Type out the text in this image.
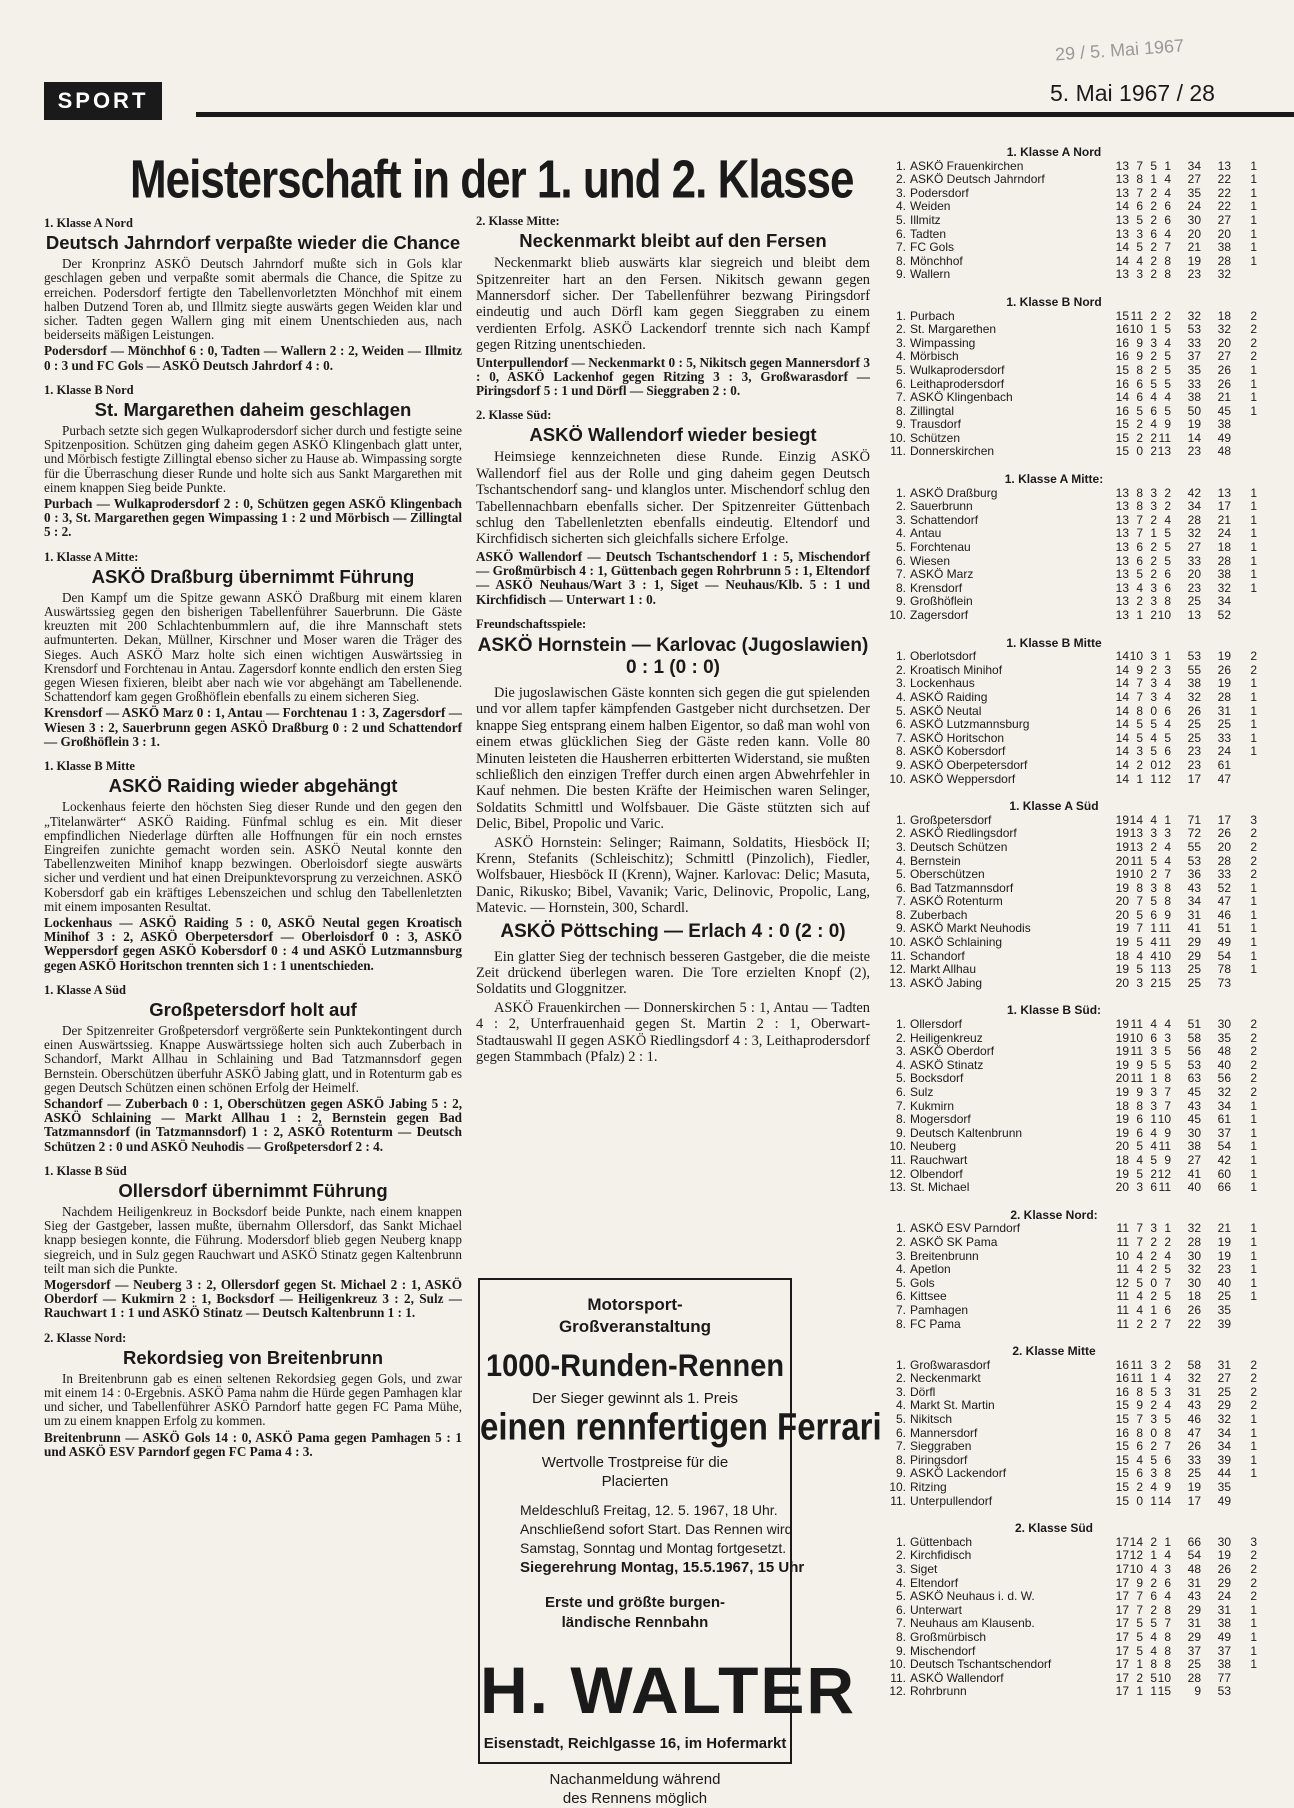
29 / 5. Mai 1967
SPORT	5. Mai 1967 / 28
Meisterschaft in der 1. und 2. Klasse
1. Klasse A Nord
Deutsch Jahrndorf verpaßte wieder die Chance

Der Kronprinz ASKÖ Deutsch Jahrndorf mußte sich in Gols klar geschlagen geben und verpaßte somit abermals die Chance, die Spitze zu erreichen. Podersdorf fertigte den Tabellenvorletzten Mönchhof mit einem halben Dutzend Toren ab, und Illmitz siegte auswärts gegen Weiden klar und sicher. Tadten gegen Wallern ging mit einem Unentschieden aus, nach beiderseits mäßigen Leistungen.

Podersdorf — Mönchhof 6 : 0, Tadten — Wallern 2 : 2, Weiden — Illmitz 0 : 3 und FC Gols — ASKÖ Deutsch Jahrdorf 4 : 0.

1. Klasse B Nord
St. Margarethen daheim geschlagen

Purbach setzte sich gegen Wulkaprodersdorf sicher durch und festigte seine Spitzenposition. Schützen ging daheim gegen ASKÖ Klingenbach glatt unter, und Mörbisch festigte Zillingtal ebenso sicher zu Hause ab. Wimpassing sorgte für die Überraschung dieser Runde und holte sich aus Sankt Margarethen mit einem knappen Sieg beide Punkte.

Purbach — Wulkaprodersdorf 2 : 0, Schützen gegen ASKÖ Klingenbach 0 : 3, St. Margarethen gegen Wimpassing 1 : 2 und Mörbisch — Zillingtal 5 : 2.

1. Klasse A Mitte:
ASKÖ Draßburg übernimmt Führung

Den Kampf um die Spitze gewann ASKÖ Draßburg mit einem klaren Auswärtssieg gegen den bisherigen Tabellenführer Sauerbrunn. Die Gäste kreuzten mit 200 Schlachtenbummlern auf, die ihre Mannschaft stets aufmunterten. Dekan, Müllner, Kirschner und Moser waren die Träger des Sieges. Auch ASKÖ Marz holte sich einen wichtigen Auswärtssieg in Krensdorf und Forchtenau in Antau. Zagersdorf konnte endlich den ersten Sieg gegen Wiesen fixieren, bleibt aber nach wie vor abgehängt am Tabellenende. Schattendorf kam gegen Großhöflein ebenfalls zu einem sicheren Sieg.

Krensdorf — ASKÖ Marz 0 : 1, Antau — Forchtenau 1 : 3, Zagersdorf — Wiesen 3 : 2, Sauerbrunn gegen ASKÖ Draßburg 0 : 2 und Schattendorf — Großhöflein 3 : 1.

1. Klasse B Mitte
ASKÖ Raiding wieder abgehängt

Lockenhaus feierte den höchsten Sieg dieser Runde und den gegen den „Titelanwärter“ ASKÖ Raiding. Fünfmal schlug es ein. Mit dieser empfindlichen Niederlage dürften alle Hoffnungen für ein noch ernstes Eingreifen zunichte gemacht worden sein. ASKÖ Neutal konnte den Tabellenzweiten Minihof knapp bezwingen. Oberloisdorf siegte auswärts sicher und verdient und hat einen Dreipunktevorsprung zu verzeichnen. ASKÖ Kobersdorf gab ein kräftiges Lebenszeichen und schlug den Tabellenletzten mit einem imposanten Resultat.

Lockenhaus — ASKÖ Raiding 5 : 0, ASKÖ Neutal gegen Kroatisch Minihof 3 : 2, ASKÖ Oberpetersdorf — Oberloisdorf 0 : 3, ASKÖ Weppersdorf gegen ASKÖ Kobersdorf 0 : 4 und ASKÖ Lutzmannsburg gegen ASKÖ Horitschon trennten sich 1 : 1 unentschieden.

1. Klasse A Süd
Großpetersdorf holt auf

Der Spitzenreiter Großpetersdorf vergrößerte sein Punktekontingent durch einen Auswärtssieg. Knappe Auswärtssiege holten sich auch Zuberbach in Schandorf, Markt Allhau in Schlaining und Bad Tatzmannsdorf gegen Bernstein. Oberschützen überfuhr ASKÖ Jabing glatt, und in Rotenturm gab es gegen Deutsch Schützen einen schönen Erfolg der Heimelf.

Schandorf — Zuberbach 0 : 1, Oberschützen gegen ASKÖ Jabing 5 : 2, ASKÖ Schlaining — Markt Allhau 1 : 2, Bernstein gegen Bad Tatzmannsdorf (in Tatzmannsdorf) 1 : 2, ASKÖ Rotenturm — Deutsch Schützen 2 : 0 und ASKÖ Neuhodis — Großpetersdorf 2 : 4.

1. Klasse B Süd
Ollersdorf übernimmt Führung

Nachdem Heiligenkreuz in Bocksdorf beide Punkte, nach einem knappen Sieg der Gastgeber, lassen mußte, übernahm Ollersdorf, das Sankt Michael knapp besiegen konnte, die Führung. Modersdorf blieb gegen Neuberg knapp siegreich, und in Sulz gegen Rauchwart und ASKÖ Stinatz gegen Kaltenbrunn teilt man sich die Punkte.

Mogersdorf — Neuberg 3 : 2, Ollersdorf gegen St. Michael 2 : 1, ASKÖ Oberdorf — Kukmirn 2 : 1, Bocksdorf — Heiligenkreuz 3 : 2, Sulz — Rauchwart 1 : 1 und ASKÖ Stinatz — Deutsch Kaltenbrunn 1 : 1.

2. Klasse Nord:
Rekordsieg von Breitenbrunn

In Breitenbrunn gab es einen seltenen Rekordsieg gegen Gols, und zwar mit einem 14 : 0-Ergebnis. ASKÖ Pama nahm die Hürde gegen Pamhagen klar und sicher, und Tabellenführer ASKÖ Parndorf hatte gegen FC Pama Mühe, um zu einem knappen Erfolg zu kommen.

Breitenbrunn — ASKÖ Gols 14 : 0, ASKÖ Pama gegen Pamhagen 5 : 1 und ASKÖ ESV Parndorf gegen FC Pama 4 : 3.

2. Klasse Mitte:
Neckenmarkt bleibt auf den Fersen

Neckenmarkt blieb auswärts klar siegreich und bleibt dem Spitzenreiter hart an den Fersen. Nikitsch gewann gegen Mannersdorf sicher. Der Tabellenführer bezwang Piringsdorf eindeutig und auch Dörfl kam gegen Sieggraben zu einem verdienten Erfolg. ASKÖ Lackendorf trennte sich nach Kampf gegen Ritzing unentschieden.

Unterpullendorf — Neckenmarkt 0 : 5, Nikitsch gegen Mannersdorf 3 : 0, ASKÖ Lackenhof gegen Ritzing 3 : 3, Großwarasdorf — Piringsdorf 5 : 1 und Dörfl — Sieggraben 2 : 0.

2. Klasse Süd:
ASKÖ Wallendorf wieder besiegt

Heimsiege kennzeichneten diese Runde. Einzig ASKÖ Wallendorf fiel aus der Rolle und ging daheim gegen Deutsch Tschantschendorf sang- und klanglos unter. Mischendorf schlug den Tabellennachbarn ebenfalls sicher. Der Spitzenreiter Güttenbach schlug den Tabellenletzten ebenfalls eindeutig. Eltendorf und Kirchfidisch sicherten sich gleichfalls sichere Erfolge.

ASKÖ Wallendorf — Deutsch Tschantschendorf 1 : 5, Mischendorf — Großmürbisch 4 : 1, Güttenbach gegen Rohrbrunn 5 : 1, Eltendorf — ASKÖ Neuhaus/Wart 3 : 1, Siget — Neuhaus/Klb. 5 : 1 und Kirchfidisch — Unterwart 1 : 0.

Freundschaftsspiele:
ASKÖ Hornstein — Karlovac (Jugoslawien) 0 : 1 (0 : 0)

Die jugoslawischen Gäste konnten sich gegen die gut spielenden und vor allem tapfer kämpfenden Gastgeber nicht durchsetzen. Der knappe Sieg entsprang einem halben Eigentor, so daß man wohl von einem etwas glücklichen Sieg der Gäste reden kann. Volle 80 Minuten leisteten die Hausherren erbitterten Widerstand, sie mußten schließlich den einzigen Treffer durch einen argen Abwehrfehler in Kauf nehmen. Die besten Kräfte der Heimischen waren Selinger, Soldatits Schmittl und Wolfsbauer. Die Gäste stützten sich auf Delic, Bibel, Propolic und Varic.

ASKÖ Hornstein: Selinger; Raimann, Soldatits, Hiesböck II; Krenn, Stefanits (Schleischitz); Schmittl (Pinzolich), Fiedler, Wolfsbauer, Hiesböck II (Krenn), Wajner. Karlovac: Delic; Masuta, Danic, Rikusko; Bibel, Vavanik; Varic, Delinovic, Propolic, Lang, Matevic. — Hornstein, 300, Schardl.

ASKÖ Pöttsching — Erlach 4 : 0 (2 : 0)

Ein glatter Sieg der technisch besseren Gastgeber, die die meiste Zeit drückend überlegen waren. Die Tore erzielten Knopf (2), Soldatits und Gloggnitzer.

ASKÖ Frauenkirchen — Donnerskirchen 5 : 1, Antau — Tadten 4 : 2, Unterfrauenhaid gegen St. Martin 2 : 1, Oberwart-Stadtauswahl II gegen ASKÖ Riedlingsdorf 4 : 3, Leithaprodersdorf gegen Stammbach (Pfalz) 2 : 1.

Motorsport-
Großveranstaltung
1000-Runden-Rennen
Der Sieger gewinnt als 1. Preis
einen rennfertigen Ferrari
Wertvolle Trostpreise für die
Placierten
Meldeschluß Freitag, 12. 5. 1967, 18 Uhr.
Anschließend sofort Start. Das Rennen wird
Samstag, Sonntag und Montag fortgesetzt.
Siegerehrung Montag, 15.5.1967, 15 Uhr
Erste und größte burgen-
ländische Rennbahn
H. WALTER
Eisenstadt, Reichlgasse 16, im Hofermarkt
Nachanmeldung während
des Rennens möglich
1. Klasse A Nord
1. ASKÖ Frauenkirchen	13 7 5 1	34	13	1
2. ASKÖ Deutsch Jahrndorf	13 8 1 4	27	22	1
3. Podersdorf	13 7 2 4	35	22	1
4. Weiden	14 6 2 6	24	22	1
5. Illmitz	13 5 2 6	30	27	1
6. Tadten	13 3 6 4	20	20	1
7. FC Gols	14 5 2 7	21	38	1
8. Mönchhof	14 4 2 8	19	28	1
9. Wallern	13 3 2 8	23	32
1. Klasse B Nord
1. Purbach	15 11 2 2	32	18	2
2. St. Margarethen	16 10 1 5	53	32	2
3. Wimpassing	16 9 3 4	33	20	2
4. Mörbisch	16 9 2 5	37	27	2
5. Wulkaprodersdorf	15 8 2 5	35	26	1
6. Leithaprodersdorf	16 6 5 5	33	26	1
7. ASKÖ Klingenbach	14 6 4 4	38	21	1
8. Zillingtal	16 5 6 5	50	45	1
9. Trausdorf	15 2 4 9	19	38
10. Schützen	15 2 2 11	14	49
11. Donnerskirchen	15 0 2 13	23	48
1. Klasse A Mitte:
1. ASKÖ Draßburg	13 8 3 2	42	13	1
2. Sauerbrunn	13 8 3 2	34	17	1
3. Schattendorf	13 7 2 4	28	21	1
4. Antau	13 7 1 5	32	24	1
5. Forchtenau	13 6 2 5	27	18	1
6. Wiesen	13 6 2 5	33	28	1
7. ASKÖ Marz	13 5 2 6	20	38	1
8. Krensdorf	13 4 3 6	23	32	1
9. Großhöflein	13 2 3 8	25	34
10. Zagersdorf	13 1 2 10	13	52
1. Klasse B Mitte
1. Oberlotsdorf	14 10 3 1	53	19	2
2. Kroatisch Minihof	14 9 2 3	55	26	2
3. Lockenhaus	14 7 3 4	38	19	1
4. ASKÖ Raiding	14 7 3 4	32	28	1
5. ASKÖ Neutal	14 8 0 6	26	31	1
6. ASKÖ Lutzmannsburg	14 5 5 4	25	25	1
7. ASKÖ Horitschon	14 5 4 5	25	33	1
8. ASKÖ Kobersdorf	14 3 5 6	23	24	1
9. ASKÖ Oberpetersdorf	14 2 0 12	23	61
10. ASKÖ Weppersdorf	14 1 1 12	17	47
1. Klasse A Süd
1. Großpetersdorf	19 14 4 1	71	17	3
2. ASKÖ Riedlingsdorf	19 13 3 3	72	26	2
3. Deutsch Schützen	19 13 2 4	55	20	2
4. Bernstein	20 11 5 4	53	28	2
5. Oberschützen	19 10 2 7	36	33	2
6. Bad Tatzmannsdorf	19 8 3 8	43	52	1
7. ASKÖ Rotenturm	20 7 5 8	34	47	1
8. Zuberbach	20 5 6 9	31	46	1
9. ASKÖ Markt Neuhodis	19 7 1 11	41	51	1
10. ASKÖ Schlaining	19 5 4 11	29	49	1
11. Schandorf	18 4 4 10	29	54	1
12. Markt Allhau	19 5 1 13	25	78	1
13. ASKÖ Jabing	20 3 2 15	25	73
1. Klasse B Süd:
1. Ollersdorf	19 11 4 4	51	30	2
2. Heiligenkreuz	19 10 6 3	58	35	2
3. ASKÖ Oberdorf	19 11 3 5	56	48	2
4. ASKÖ Stinatz	19 9 5 5	53	40	2
5. Bocksdorf	20 11 1 8	63	56	2
6. Sulz	19 9 3 7	45	32	2
7. Kukmirn	18 8 3 7	43	34	1
8. Mogersdorf	19 6 1 10	45	61	1
9. Deutsch Kaltenbrunn	19 6 4 9	30	37	1
10. Neuberg	20 5 4 11	38	54	1
11. Rauchwart	18 4 5 9	27	42	1
12. Olbendorf	19 5 2 12	41	60	1
13. St. Michael	20 3 6 11	40	66	1
2. Klasse Nord:
1. ASKÖ ESV Parndorf	11 7 3 1	32	21	1
2. ASKÖ SK Pama	11 7 2 2	28	19	1
3. Breitenbrunn	10 4 2 4	30	19	1
4. Apetlon	11 4 2 5	32	23	1
5. Gols	12 5 0 7	30	40	1
6. Kittsee	11 4 2 5	18	25	1
7. Pamhagen	11 4 1 6	26	35
8. FC Pama	11 2 2 7	22	39
2. Klasse Mitte
1. Großwarasdorf	16 11 3 2	58	31	2
2. Neckenmarkt	16 11 1 4	32	27	2
3. Dörfl	16 8 5 3	31	25	2
4. Markt St. Martin	15 9 2 4	43	29	2
5. Nikitsch	15 7 3 5	46	32	1
6. Mannersdorf	16 8 0 8	47	34	1
7. Sieggraben	15 6 2 7	26	34	1
8. Piringsdorf	15 4 5 6	33	39	1
9. ASKÖ Lackendorf	15 6 3 8	25	44	1
10. Ritzing	15 2 4 9	19	35
11. Unterpullendorf	15 0 1 14	17	49
2. Klasse Süd
1. Güttenbach	17 14 2 1	66	30	3
2. Kirchfidisch	17 12 1 4	54	19	2
3. Siget	17 10 4 3	48	26	2
4. Eltendorf	17 9 2 6	31	29	2
5. ASKÖ Neuhaus i. d. W.	17 7 6 4	43	24	2
6. Unterwart	17 7 2 8	29	31	1
7. Neuhaus am Klausenb.	17 5 5 7	31	38	1
8. Großmürbisch	17 5 4 8	29	49	1
9. Mischendorf	17 5 4 8	37	37	1
10. Deutsch Tschantschendorf	17 1 8 8	25	38	1
11. ASKÖ Wallendorf	17 2 5 10	28	77
12. Rohrbrunn	17 1 1 15	9	53
